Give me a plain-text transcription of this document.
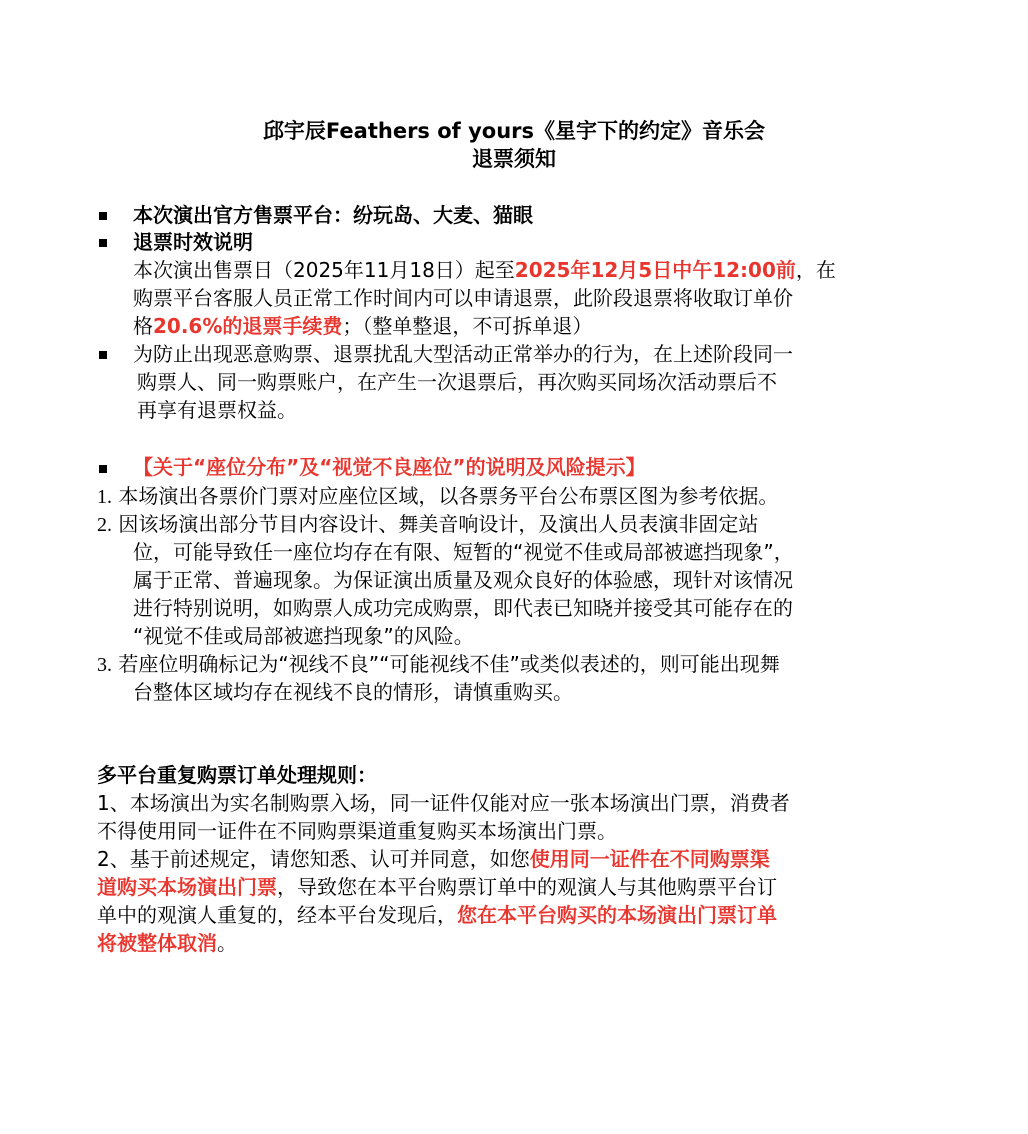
邱宇辰Feathers of yours《星宇下的约定》音乐会
退票须知
本次演出官方售票平台：纷玩岛、大麦、猫眼
退票时效说明
本次演出售票日（2025年11月18日）起至2025年12月5日中午12:00前，在
购票平台客服人员正常工作时间内可以申请退票，此阶段退票将收取订单价
格20.6%的退票手续费；（整单整退，不可拆单退）
为防止出现恶意购票、退票扰乱大型活动正常举办的行为，在上述阶段同一
购票人、同一购票账户，在产生一次退票后，再次购买同场次活动票后不
再享有退票权益。
【关于“座位分布”及“视觉不良座位”的说明及风险提示】
1. 本场演出各票价门票对应座位区域，以各票务平台公布票区图为参考依据。
2. 因该场演出部分节目内容设计、舞美音响设计，及演出人员表演非固定站
位，可能导致任一座位均存在有限、短暂的“视觉不佳或局部被遮挡现象”，
属于正常、普遍现象。为保证演出质量及观众良好的体验感，现针对该情况
进行特别说明，如购票人成功完成购票，即代表已知晓并接受其可能存在的
“视觉不佳或局部被遮挡现象”的风险。
3. 若座位明确标记为“视线不良”“可能视线不佳”或类似表述的，则可能出现舞
台整体区域均存在视线不良的情形，请慎重购买。
多平台重复购票订单处理规则：
1、本场演出为实名制购票入场，同一证件仅能对应一张本场演出门票，消费者
不得使用同一证件在不同购票渠道重复购买本场演出门票。
2、基于前述规定，请您知悉、认可并同意，如您使用同一证件在不同购票渠
道购买本场演出门票，导致您在本平台购票订单中的观演人与其他购票平台订
单中的观演人重复的，经本平台发现后，您在本平台购买的本场演出门票订单
将被整体取消。
